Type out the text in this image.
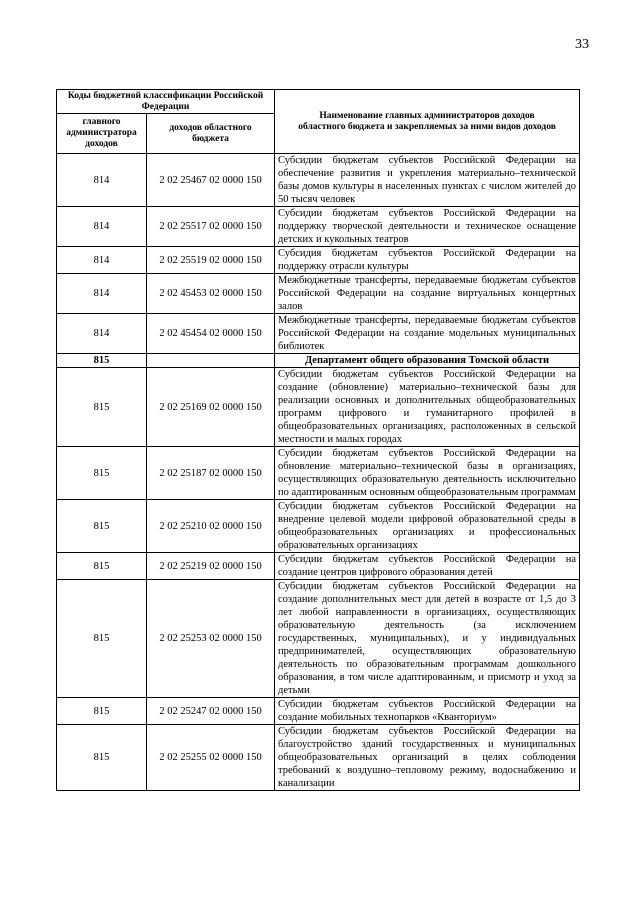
33
Коды бюджетной классификации Российской Федерации		Наименование главных администраторов доходов областного бюджета и закрепляемых за ними видов доходов
главного администратора доходов	доходов областного бюджета	
814	2 02 25467 02 0000 150	Субсидии бюджетам субъектов Российской Федерации на обеспечение развития и укрепления материально–технической базы домов культуры в населенных пунктах с числом жителей до 50 тысяч человек
814	2 02 25517 02 0000 150	Субсидии бюджетам субъектов Российской Федерации на поддержку творческой деятельности и техническое оснащение детских и кукольных театров
814	2 02 25519 02 0000 150	Субсидия бюджетам субъектов Российской Федерации на поддержку отрасли культуры
814	2 02 45453 02 0000 150	Межбюджетные трансферты, передаваемые бюджетам субъектов Российской Федерации на создание виртуальных концертных залов
814	2 02 45454 02 0000 150	Межбюджетные трансферты, передаваемые бюджетам субъектов Российской Федерации на создание модельных муниципальных библиотек
815		Департамент общего образования Томской области
815	2 02 25169 02 0000 150	Субсидии бюджетам субъектов Российской Федерации на создание (обновление) материально–технической базы для реализации основных и дополнительных общеобразовательных программ цифрового и гуманитарного профилей в общеобразовательных организациях, расположенных в сельской местности и малых городах
815	2 02 25187 02 0000 150	Субсидии бюджетам субъектов Российской Федерации на обновление материально–технической базы в организациях, осуществляющих образовательную деятельность исключительно по адаптированным основным общеобразовательным программам
815	2 02 25210 02 0000 150	Субсидии бюджетам субъектов Российской Федерации на внедрение целевой модели цифровой образовательной среды в общеобразовательных организациях и профессиональных образовательных организациях
815	2 02 25219 02 0000 150	Субсидии бюджетам субъектов Российской Федерации на создание центров цифрового образования детей
815	2 02 25253 02 0000 150	Субсидии бюджетам субъектов Российской Федерации на создание дополнительных мест для детей в возрасте от 1,5 до 3 лет любой направленности в организациях, осуществляющих образовательную деятельность (за исключением государственных, муниципальных), и у индивидуальных предпринимателей, осуществляющих образовательную деятельность по образовательным программам дошкольного образования, в том числе адаптированным, и присмотр и уход за детьми
815	2 02 25247 02 0000 150	Субсидии бюджетам субъектов Российской Федерации на создание мобильных технопарков «Кванториум»
815	2 02 25255 02 0000 150	Субсидии бюджетам субъектов Российской Федерации на благоустройство зданий государственных и муниципальных общеобразовательных организаций в целях соблюдения требований к воздушно–тепловому режиму, водоснабжению и канализации
